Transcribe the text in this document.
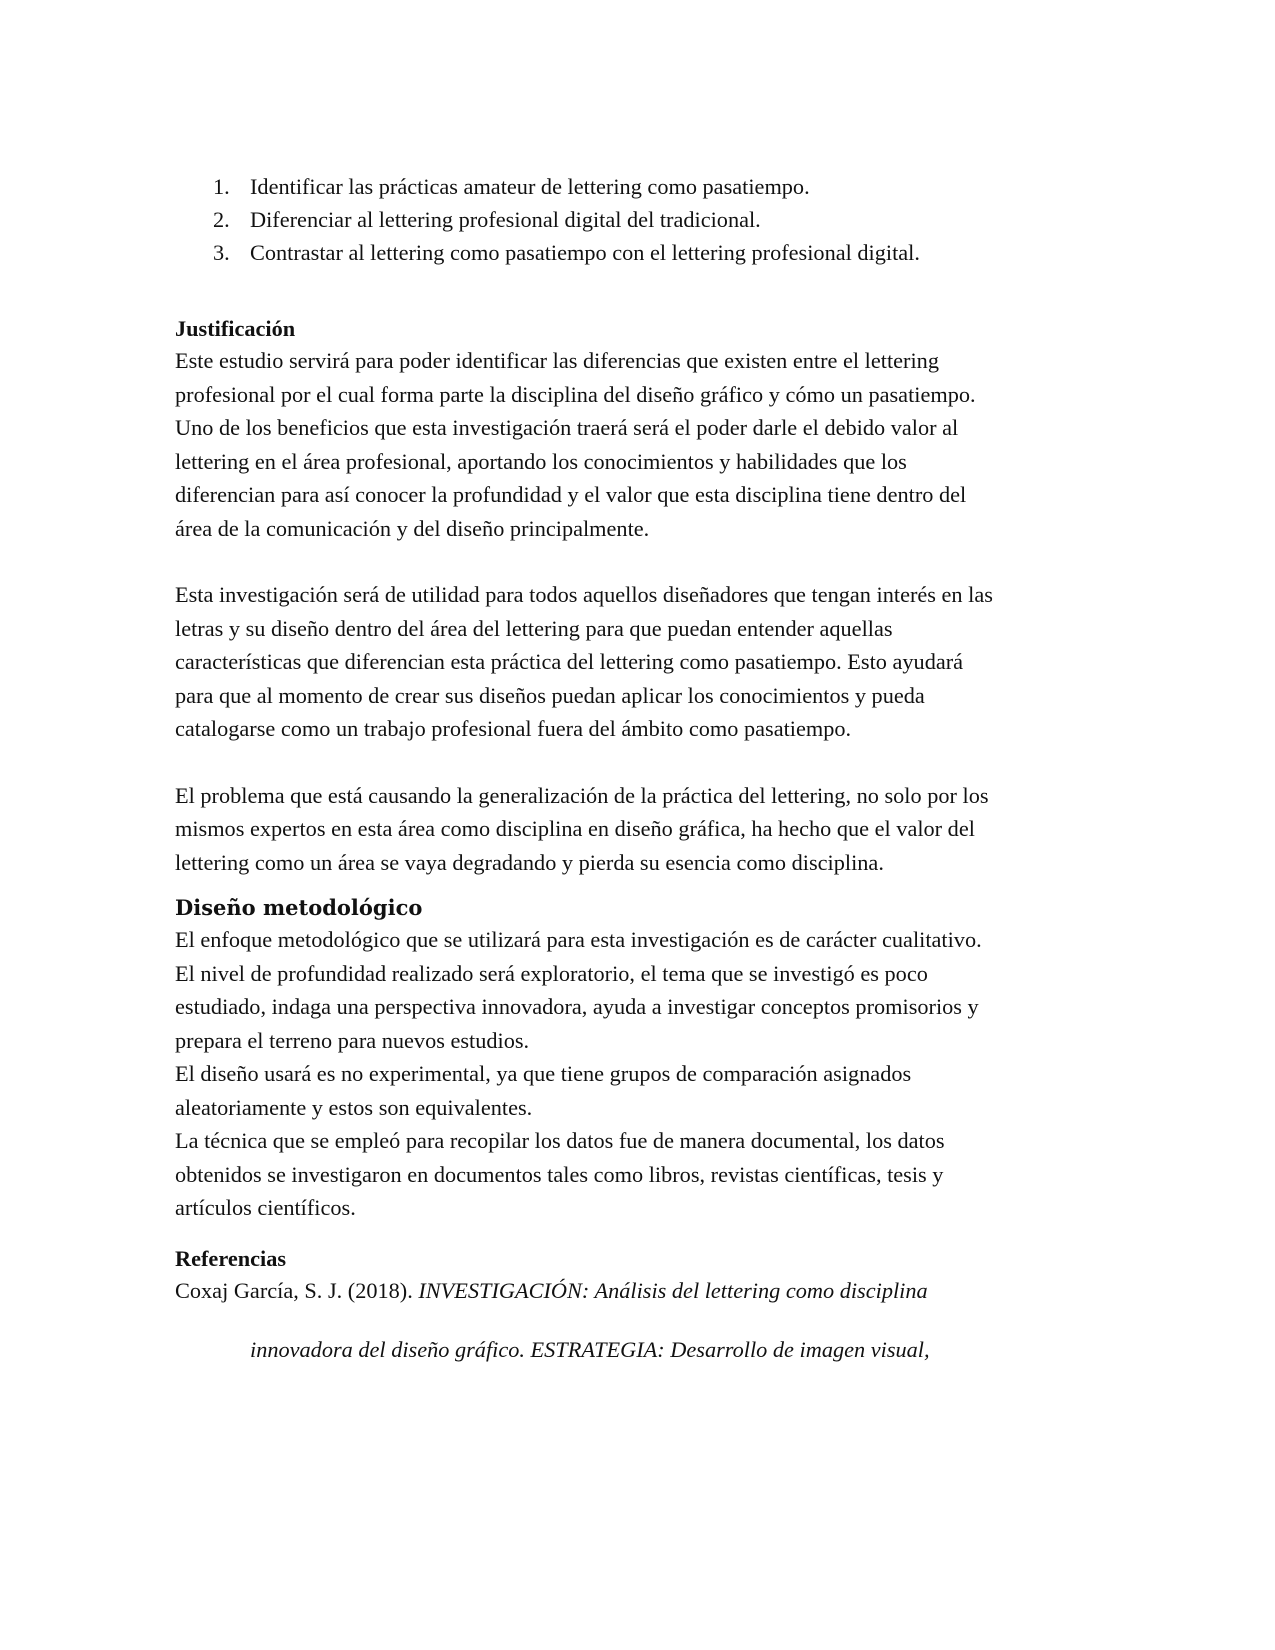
1. Identificar las prácticas amateur de lettering como pasatiempo.
2. Diferenciar al lettering profesional digital del tradicional.
3. Contrastar al lettering como pasatiempo con el lettering profesional digital.
Justificación
Este estudio servirá para poder identificar las diferencias que existen entre el lettering
profesional por el cual forma parte la disciplina del diseño gráfico y cómo un pasatiempo.
Uno de los beneficios que esta investigación traerá será el poder darle el debido valor al
lettering en el área profesional, aportando los conocimientos y habilidades que los
diferencian para así conocer la profundidad y el valor que esta disciplina tiene dentro del
área de la comunicación y del diseño principalmente.
Esta investigación será de utilidad para todos aquellos diseñadores que tengan interés en las
letras y su diseño dentro del área del lettering para que puedan entender aquellas
características que diferencian esta práctica del lettering como pasatiempo. Esto ayudará
para que al momento de crear sus diseños puedan aplicar los conocimientos y pueda
catalogarse como un trabajo profesional fuera del ámbito como pasatiempo.
El problema que está causando la generalización de la práctica del lettering, no solo por los
mismos expertos en esta área como disciplina en diseño gráfica, ha hecho que el valor del
lettering como un área se vaya degradando y pierda su esencia como disciplina.
Diseño metodológico
El enfoque metodológico que se utilizará para esta investigación es de carácter cualitativo.
El nivel de profundidad realizado será exploratorio, el tema que se investigó es poco
estudiado, indaga una perspectiva innovadora, ayuda a investigar conceptos promisorios y
prepara el terreno para nuevos estudios.
El diseño usará es no experimental, ya que tiene grupos de comparación asignados
aleatoriamente y estos son equivalentes.
La técnica que se empleó para recopilar los datos fue de manera documental, los datos
obtenidos se investigaron en documentos tales como libros, revistas científicas, tesis y
artículos científicos.
Referencias
Coxaj García, S. J. (2018). INVESTIGACIÓN: Análisis del lettering como disciplina
innovadora del diseño gráfico. ESTRATEGIA: Desarrollo de imagen visual,
